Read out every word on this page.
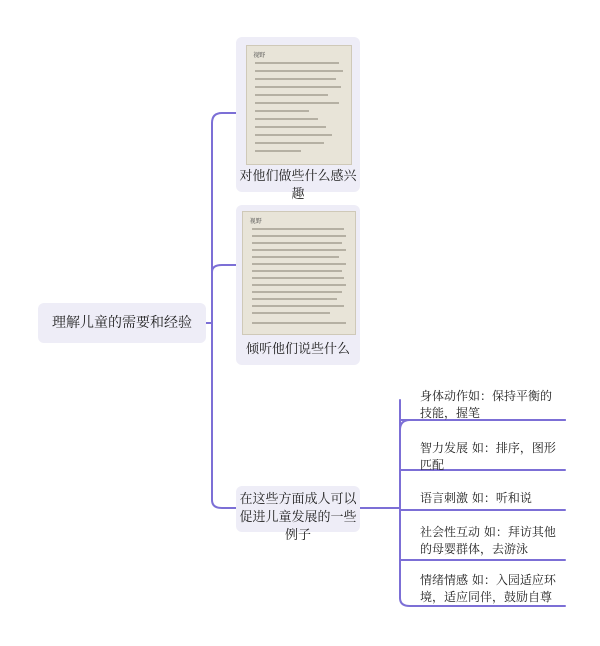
理解儿童的需要和经验
视野
对他们做些什么感兴趣
视野
倾听他们说些什么
在这些方面成人可以促进儿童发展的一些例子
身体动作如：保持平衡的技能，握笔
智力发展 如：排序，图形匹配
语言刺激 如：听和说
社会性互动 如：拜访其他的母婴群体，去游泳
情绪情感 如：入园适应环境，适应同伴，鼓励自尊
